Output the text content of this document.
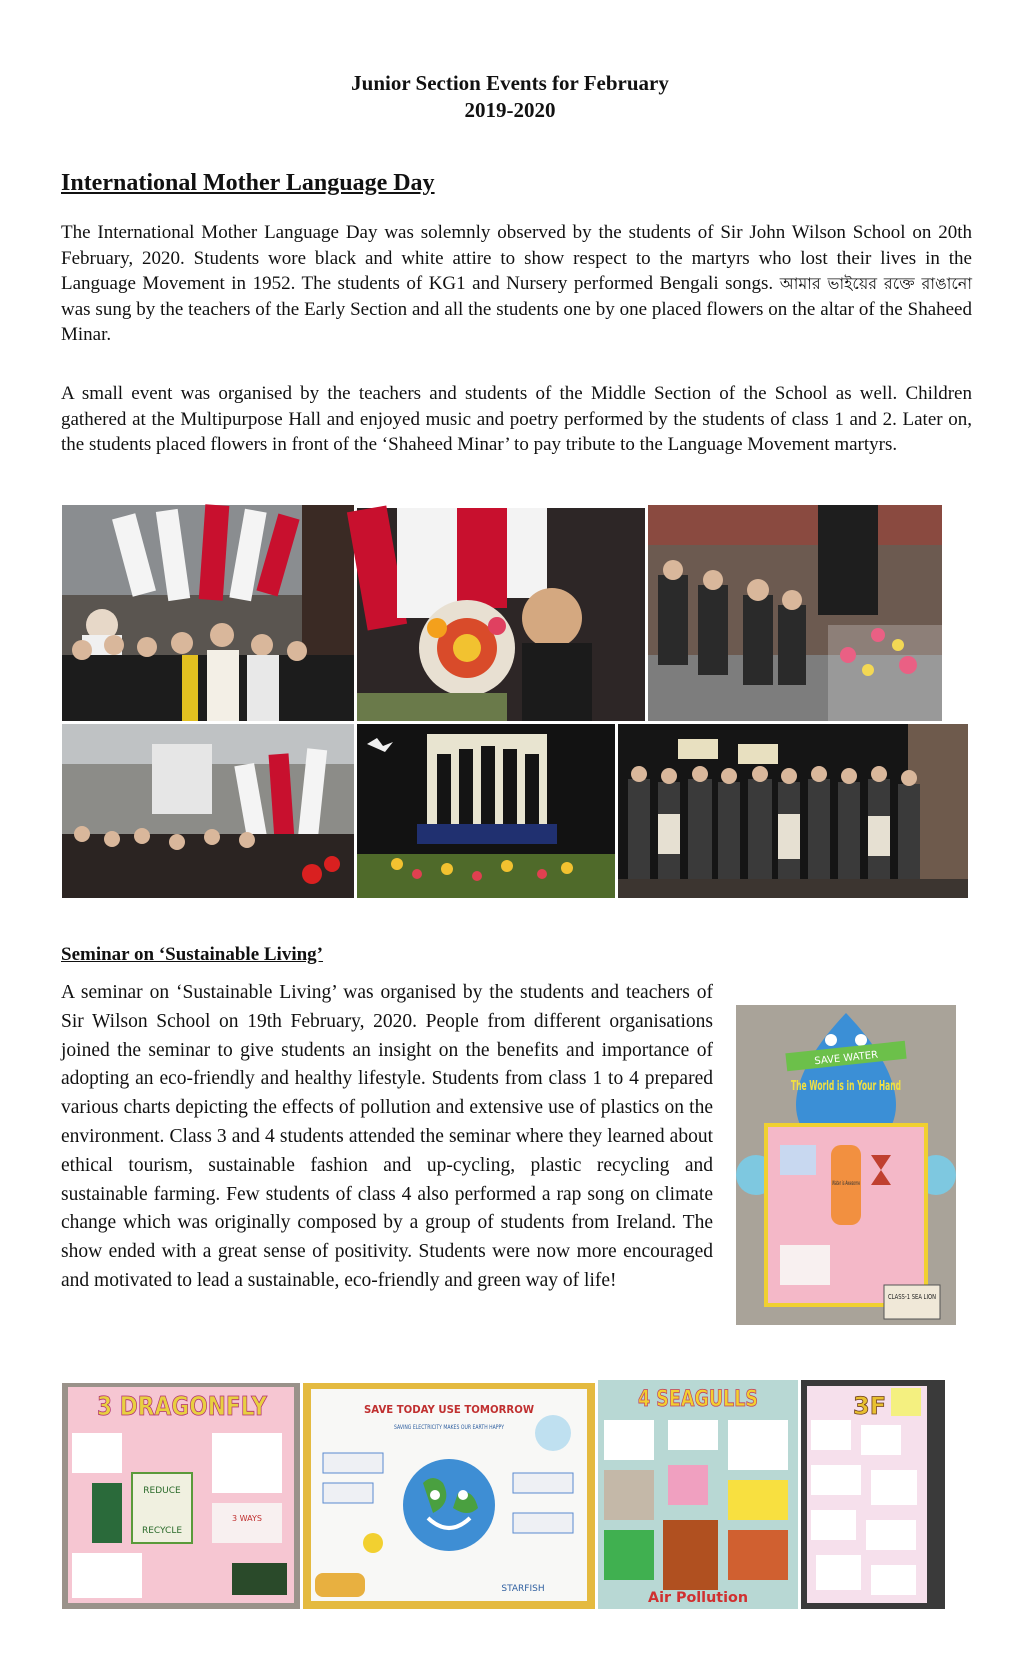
Junior Section Events for February
2019-2020
International Mother Language Day

The International Mother Language Day was solemnly observed by the students of Sir John Wilson School on 20th February, 2020. Students wore black and white attire to show respect to the martyrs who lost their lives in the Language Movement in 1952. The students of KG1 and Nursery performed Bengali songs. আমার ভাইয়ের রক্তে রাঙানো was sung by the teachers of the Early Section and all the students one by one placed flowers on the altar of the Shaheed Minar.

A small event was organised by the teachers and students of the Middle Section of the School as well. Children gathered at the Multipurpose Hall and enjoyed music and poetry performed by the students of class 1 and 2. Later on, the students placed flowers in front of the ‘Shaheed Minar’ to pay tribute to the Language Movement martyrs.

Seminar on ‘Sustainable Living’

A seminar on ‘Sustainable Living’ was organised by the students and teachers of Sir Wilson School on 19th February, 2020. People from different organisations joined the seminar to give students an insight on the benefits and importance of adopting an eco-friendly and healthy lifestyle. Students from class 1 to 4 prepared various charts depicting the effects of pollution and extensive use of plastics on the environment. Class 3 and 4 students attended the seminar where they learned about ethical tourism, sustainable fashion and up-cycling, plastic recycling and sustainable farming. Few students of class 4 also performed a rap song on climate change which was originally composed by a group of students from Ireland. The show ended with a great sense of positivity. Students were now more encouraged and motivated to lead a sustainable, eco-friendly and green way of life!

SAVE WATER
The World is in Your Hand
Water is Awesome
CLASS-1 SEA LION
3 DRAGONFLY
REDUCE
RECYCLE
3 WAYS
SAVE TODAY USE TOMORROW
SAVING ELECTRICITY MAKES OUR EARTH HAPPY
STARFISH
4 SEAGULLS
Air Pollution
3F
